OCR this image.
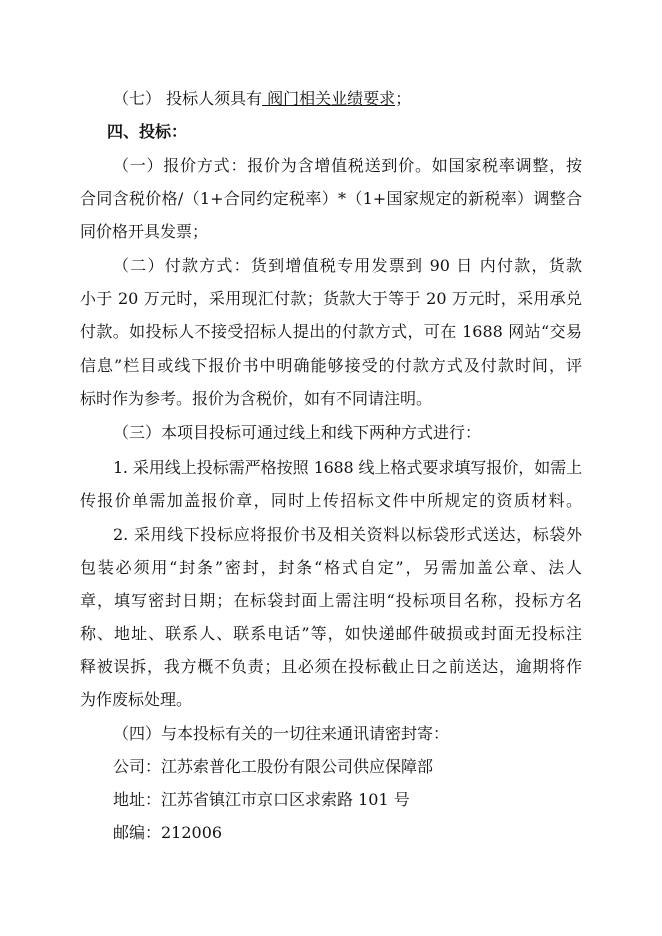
（七） 投标人须具有 阀门相关业绩要求；
四、投标：
（一）报价方式：报价为含增值税送到价。如国家税率调整，按
合同含税价格/（1+合同约定税率）*（1+国家规定的新税率）调整合
同价格开具发票；
（二）付款方式：货到增值税专用发票到 90 日 内付款，货款
小于 20 万元时，采用现汇付款；货款大于等于 20 万元时，采用承兑
付款。如投标人不接受招标人提出的付款方式，可在 1688 网站“交易
信息”栏目或线下报价书中明确能够接受的付款方式及付款时间，评
标时作为参考。报价为含税价，如有不同请注明。
（三）本项目投标可通过线上和线下两种方式进行：
1. 采用线上投标需严格按照 1688 线上格式要求填写报价，如需上
传报价单需加盖报价章，同时上传招标文件中所规定的资质材料。
2. 采用线下投标应将报价书及相关资料以标袋形式送达，标袋外
包装必须用“封条”密封，封条“格式自定”，另需加盖公章、法人
章，填写密封日期；在标袋封面上需注明“投标项目名称，投标方名
称、地址、联系人、联系电话”等，如快递邮件破损或封面无投标注
释被误拆，我方概不负责；且必须在投标截止日之前送达，逾期将作
为作废标处理。
（四）与本投标有关的一切往来通讯请密封寄：
公司：江苏索普化工股份有限公司供应保障部
地址：江苏省镇江市京口区求索路 101 号
邮编：212006
